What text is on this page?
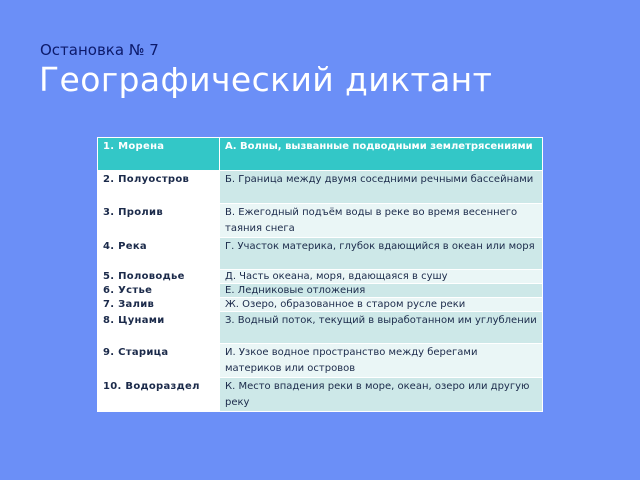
Остановка № 7
Географический диктант
1. Морена	А. Волны, вызванные подводными землетрясениями
2. Полуостров	Б. Граница между двумя соседними речными бассейнами
3. Пролив	В. Ежегодный подъём воды в реке во время весеннего таяния снега
4. Река	Г. Участок материка, глубок вдающийся в океан или моря
5. Половодье	Д. Часть океана, моря, вдающаяся в сушу
6. Устье	Е. Ледниковые отложения
7. Залив	Ж. Озеро, образованное в старом русле реки
8. Цунами	З. Водный поток, текущий в выработанном им углублении
9. Старица	И. Узкое водное пространство между берегами материков или островов
10. Водораздел	К. Место впадения реки в море, океан, озеро или другую реку
